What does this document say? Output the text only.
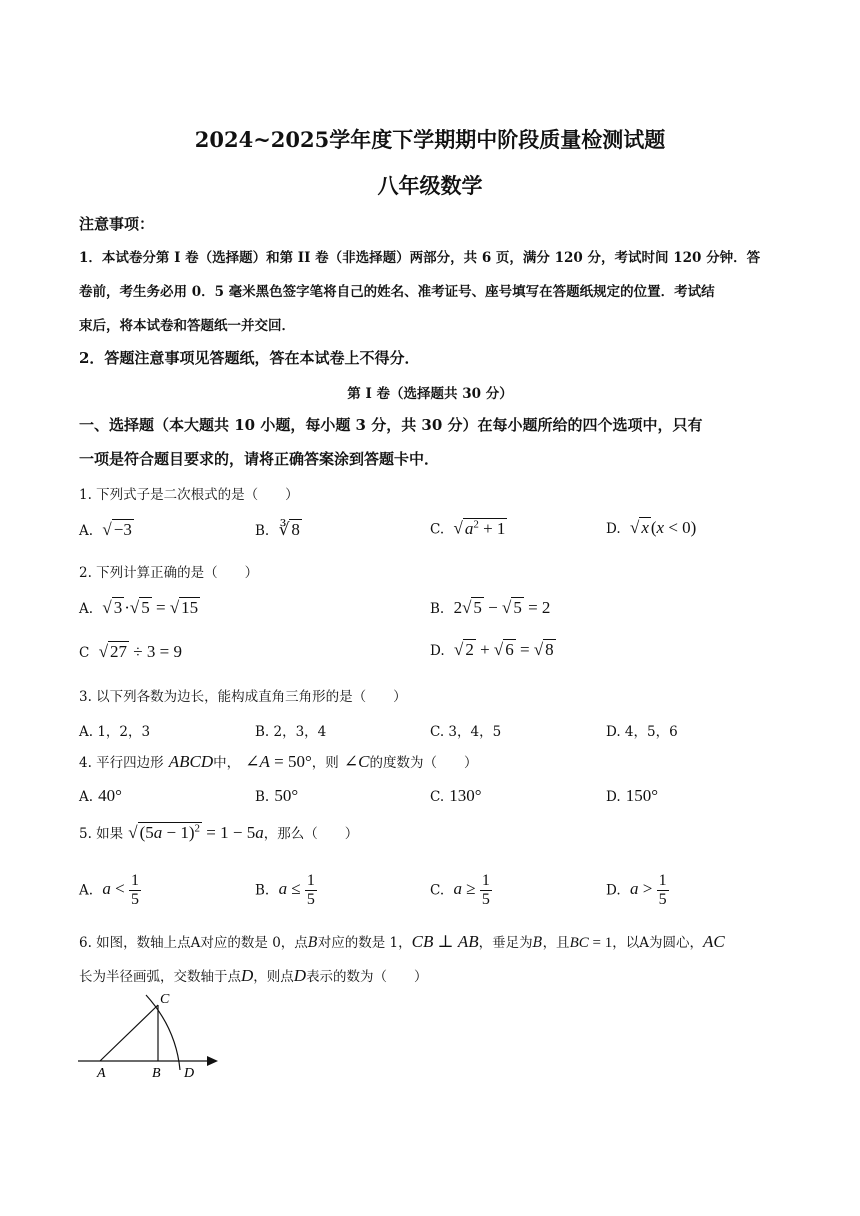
2024~2025学年度下学期期中阶段质量检测试题
八年级数学
注意事项：
1．本试卷分第 I 卷（选择题）和第 II 卷（非选择题）两部分，共 6 页，满分 120 分，考试时间 120 分钟．答
卷前，考生务必用 0．5 毫米黑色签字笔将自己的姓名、准考证号、座号填写在答题纸规定的位置．考试结
束后，将本试卷和答题纸一并交回．
2．答题注意事项见答题纸，答在本试卷上不得分．
第 I 卷（选择题共 30 分）
一、选择题（本大题共 10 小题，每小题 3 分，共 30 分）在每小题所给的四个选项中，只有
一项是符合题目要求的，请将正确答案涂到答题卡中．
1. 下列式子是二次根式的是（　　）
A.  √ −3	B.  ∛ 8	C.  √ $a^2 + 1$	D.  √ x (x < 0)
2. 下列计算正确的是（　　）
A.  √ 3 ·√ 5 = √ 15	B.  2√ 5 − √ 5 = 2
C  √ 27 ÷ 3 = 9	D.  √ 2 + √ 6 = √ 8
3. 以下列各数为边长，能构成直角三角形的是（　　）
A. 1，2，3	B. 2，3，4	C. 3，4，5	D. 4，5，6
4. 平行四边形 ABCD中， ∠A = 50°，则 ∠C的度数为（　　）
A. 40°	B. 50°	C. 130°	D. 150°
5. 如果 √ $(5a - 1)^2 = 1 - 5a$，那么（　　）
A. $a < \frac{1}{5}$	B. $a \le \frac{1}{5}$	C. $a \ge \frac{1}{5}$	D. $a > \frac{1}{5}$
6. 如图，数轴上点A对应的数是 0，点B对应的数是 1，CB ⊥ AB，垂足为B，且BC = 1，以A为圆心，AC
长为半径画弧，交数轴于点D，则点D表示的数为（　　）
A	B
C
D
